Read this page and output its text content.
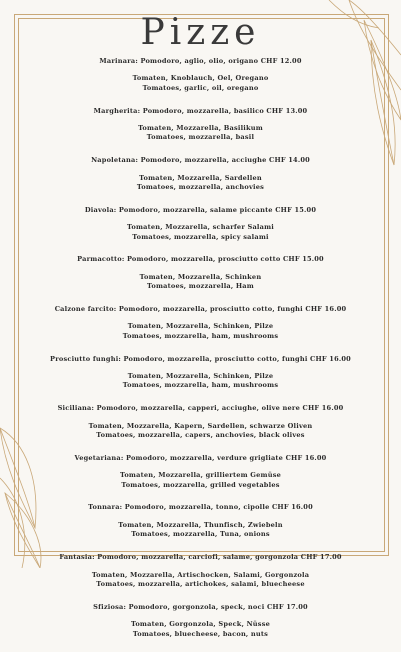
Pizze
Marinara: Pomodoro, aglio, olio, origano CHF 12.00
Tomaten, Knoblauch, Oel, Oregano
Tomatoes, garlic, oil, oregano
Margherita: Pomodoro, mozzarella, basilico CHF 13.00
Tomaten, Mozzarella, Basilikum
Tomatoes, mozzarella, basil
Napoletana: Pomodoro, mozzarella, acciughe CHF 14.00
Tomaten, Mozzarella, Sardellen
Tomatoes, mozzarella, anchovies
Diavola: Pomodoro, mozzarella, salame piccante CHF 15.00
Tomaten, Mozzarella, scharfer Salami
Tomatoes, mozzarella, spicy salami
Parmacotto: Pomodoro, mozzarella, prosciutto cotto CHF 15.00
Tomaten, Mozzarella, Schinken
Tomatoes, mozzarella, Ham
Calzone farcito: Pomodoro, mozzarella, prosciutto cotto, funghi CHF 16.00
Tomaten, Mozzarella, Schinken, Pilze
Tomatoes, mozzarella, ham, mushrooms
Prosciutto funghi: Pomodoro, mozzarella, prosciutto cotto, funghi CHF 16.00
Tomaten, Mozzarella, Schinken, Pilze
Tomatoes, mozzarella, ham, mushrooms
Siciliana: Pomodoro, mozzarella, capperi, acciughe, olive nere CHF 16.00
Tomaten, Mozzarella, Kapern, Sardellen, schwarze Oliven
Tomatoes, mozzarella, capers, anchovies, black olives
Vegetariana: Pomodoro, mozzarella, verdure grigliate CHF 16.00
Tomaten, Mozzarella, grilliertem Gemüse
Tomatoes, mozzarella, grilled vegetables
Tonnara: Pomodoro, mozzarella, tonno, cipolle CHF 16.00
Tomaten, Mozzarella, Thunfisch, Zwiebeln
Tomatoes, mozzarella, Tuna, onions
Fantasia: Pomodoro, mozzarella, carciofi, salame, gorgonzola CHF 17.00
Tomaten, Mozzarella, Artischocken, Salami, Gorgonzola
Tomatoes, mozzarella, artichokes, salami, bluecheese
Sfiziosa: Pomodoro, gorgonzola, speck, noci CHF 17.00
Tomaten, Gorgonzola, Speck, Nüsse
Tomatoes, bluecheese, bacon, nuts
